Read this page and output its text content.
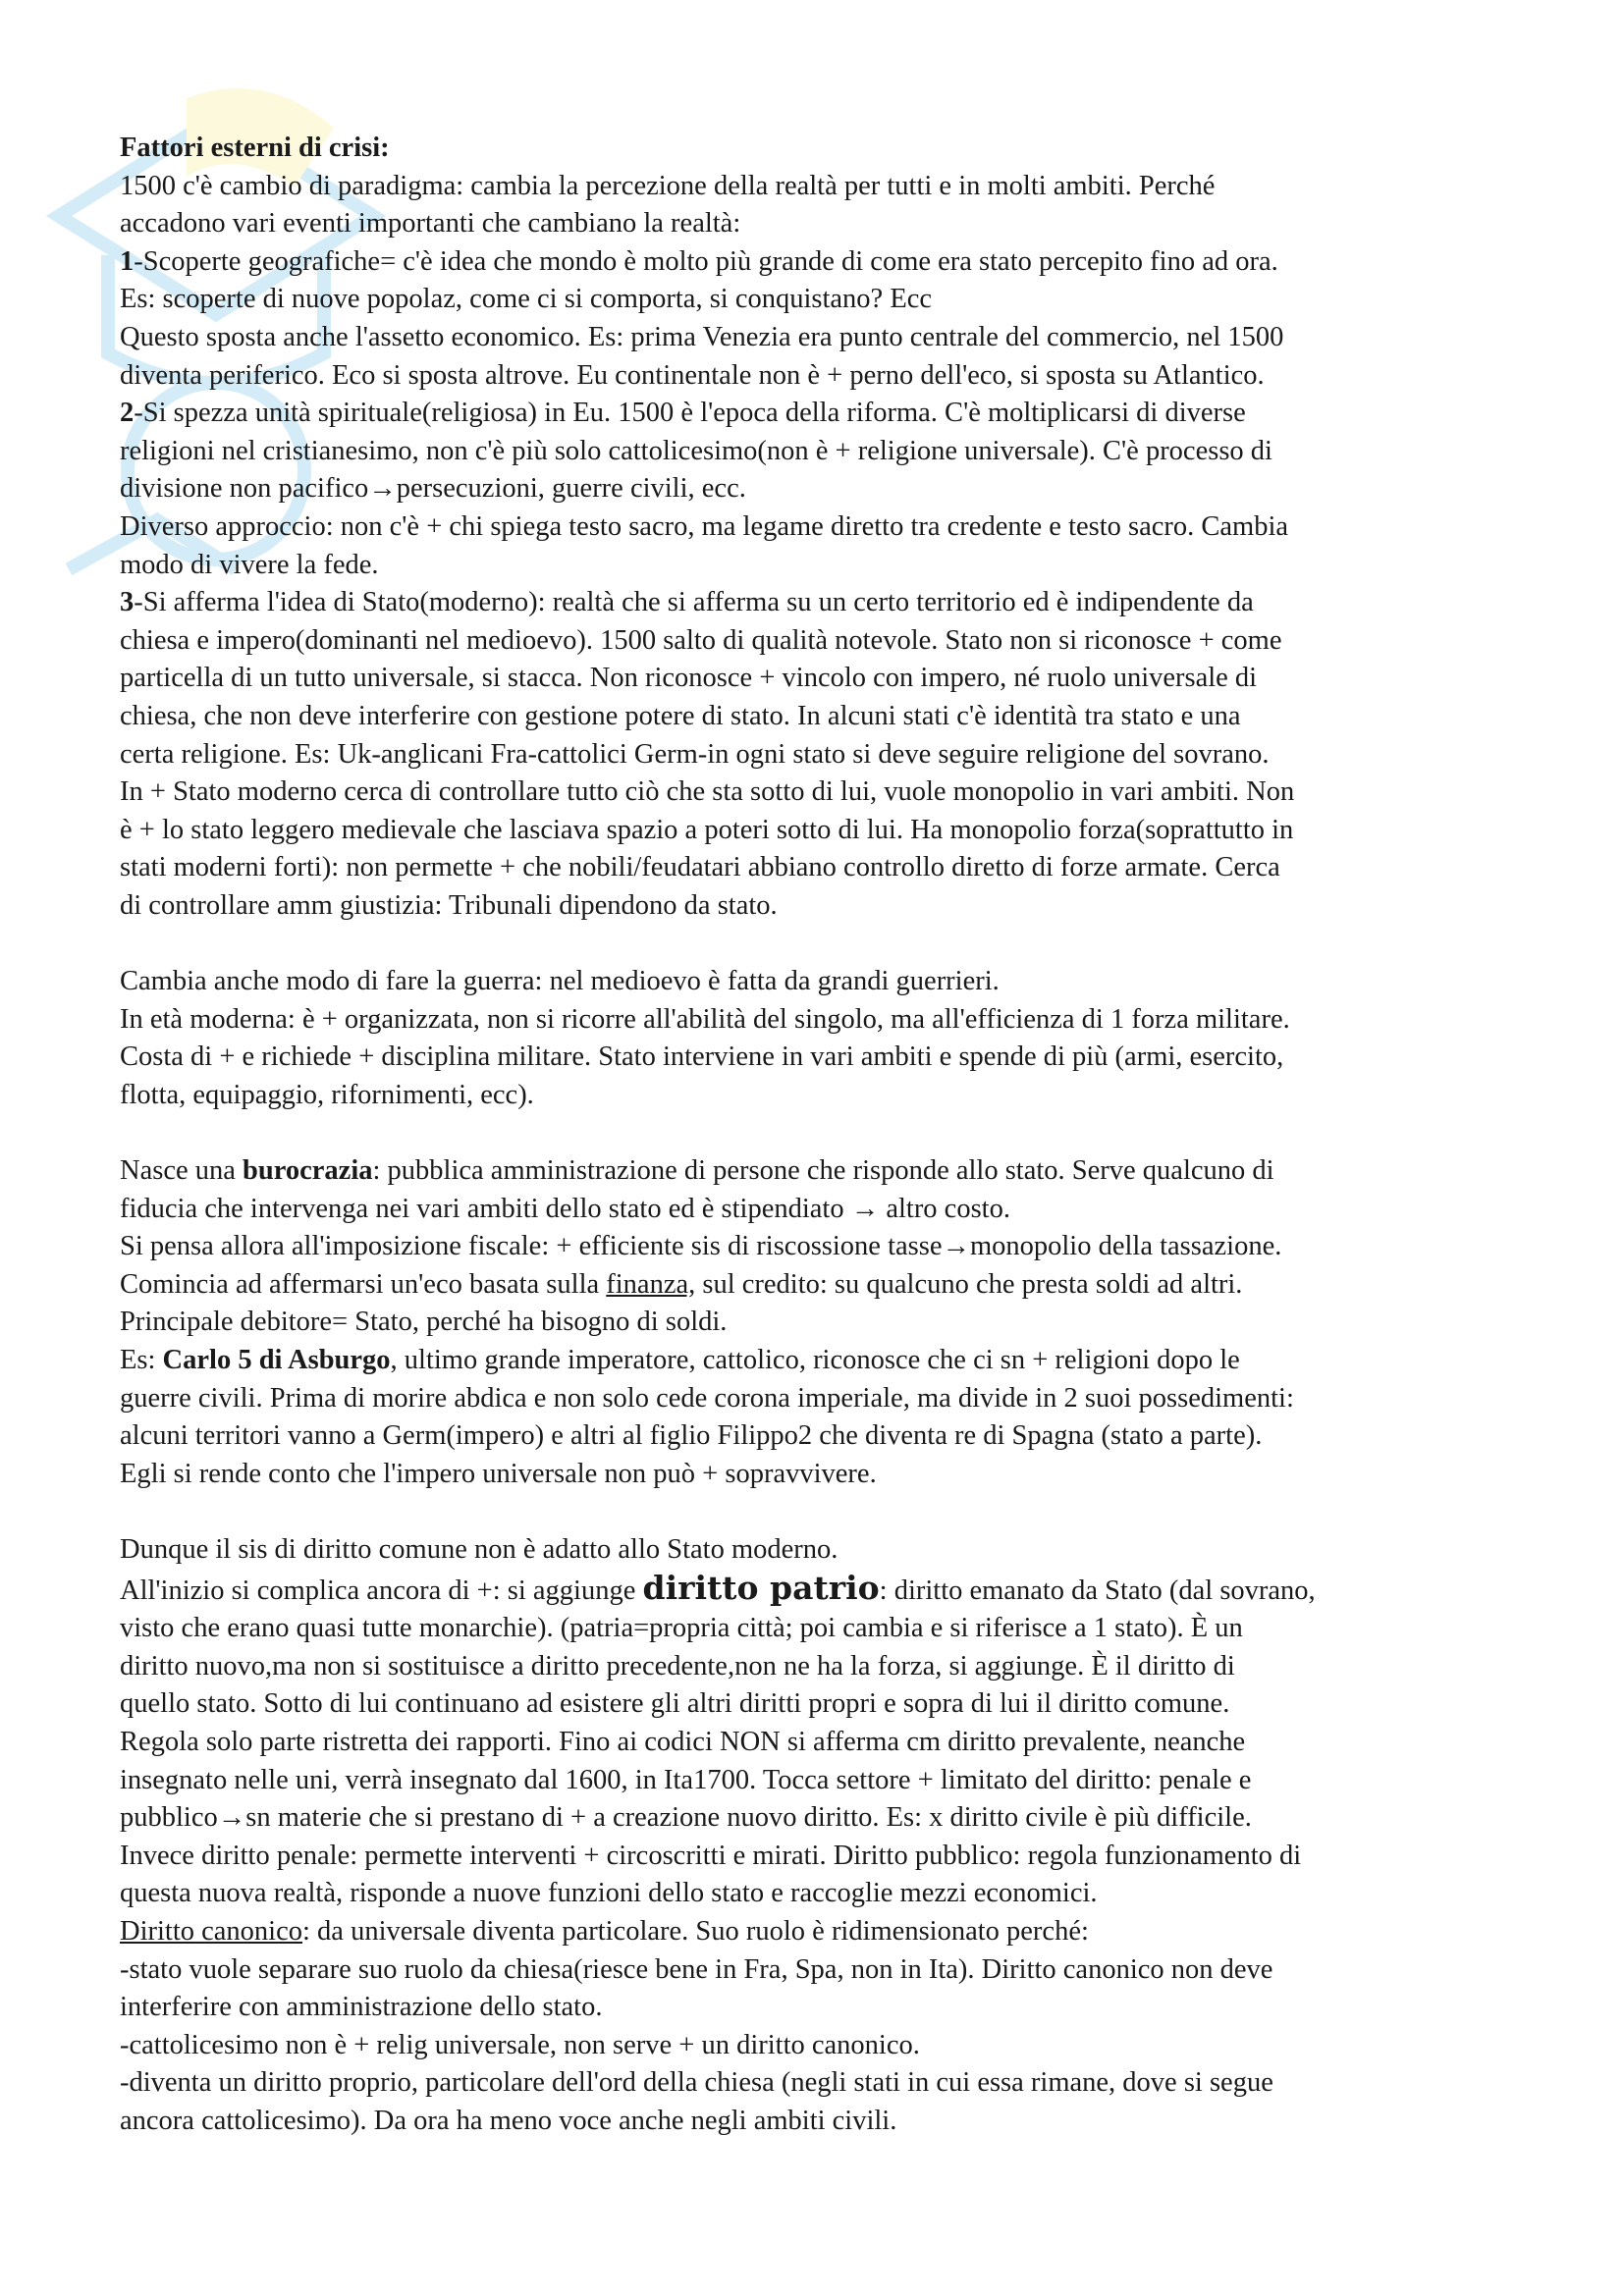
Fattori esterni di crisi:
1500 c'è cambio di paradigma: cambia la percezione della realtà per tutti e in molti ambiti. Perché
accadono vari eventi importanti che cambiano la realtà:
1-Scoperte geografiche= c'è idea che mondo è molto più grande di come era stato percepito fino ad ora.
Es: scoperte di nuove popolaz, come ci si comporta, si conquistano? Ecc
Questo sposta anche l'assetto economico. Es: prima Venezia era punto centrale del commercio, nel 1500
diventa periferico. Eco si sposta altrove. Eu continentale non è + perno dell'eco, si sposta su Atlantico.
2-Si spezza unità spirituale(religiosa) in Eu. 1500 è l'epoca della riforma. C'è moltiplicarsi di diverse
religioni nel cristianesimo, non c'è più solo cattolicesimo(non è + religione universale). C'è processo di
divisione non pacifico→persecuzioni, guerre civili, ecc.
Diverso approccio: non c'è + chi spiega testo sacro, ma legame diretto tra credente e testo sacro. Cambia
modo di vivere la fede.
3-Si afferma l'idea di Stato(moderno): realtà che si afferma su un certo territorio ed è indipendente da
chiesa e impero(dominanti nel medioevo). 1500 salto di qualità notevole. Stato non si riconosce + come
particella di un tutto universale, si stacca. Non riconosce + vincolo con impero, né ruolo universale di
chiesa, che non deve interferire con gestione potere di stato. In alcuni stati c'è identità tra stato e una
certa religione. Es: Uk-anglicani Fra-cattolici Germ-in ogni stato si deve seguire religione del sovrano.
In + Stato moderno cerca di controllare tutto ciò che sta sotto di lui, vuole monopolio in vari ambiti. Non
è + lo stato leggero medievale che lasciava spazio a poteri sotto di lui. Ha monopolio forza(soprattutto in
stati moderni forti): non permette + che nobili/feudatari abbiano controllo diretto di forze armate. Cerca
di controllare amm giustizia: Tribunali dipendono da stato.
Cambia anche modo di fare la guerra: nel medioevo è fatta da grandi guerrieri.
In età moderna: è + organizzata, non si ricorre all'abilità del singolo, ma all'efficienza di 1 forza militare.
Costa di + e richiede + disciplina militare. Stato interviene in vari ambiti e spende di più (armi, esercito,
flotta, equipaggio, rifornimenti, ecc).
Nasce una burocrazia: pubblica amministrazione di persone che risponde allo stato. Serve qualcuno di
fiducia che intervenga nei vari ambiti dello stato ed è stipendiato → altro costo.
Si pensa allora all'imposizione fiscale: + efficiente sis di riscossione tasse→monopolio della tassazione.
Comincia ad affermarsi un'eco basata sulla finanza, sul credito: su qualcuno che presta soldi ad altri.
Principale debitore= Stato, perché ha bisogno di soldi.
Es: Carlo 5 di Asburgo, ultimo grande imperatore, cattolico, riconosce che ci sn + religioni dopo le
guerre civili. Prima di morire abdica e non solo cede corona imperiale, ma divide in 2 suoi possedimenti:
alcuni territori vanno a Germ(impero) e altri al figlio Filippo2 che diventa re di Spagna (stato a parte).
Egli si rende conto che l'impero universale non può + sopravvivere.
Dunque il sis di diritto comune non è adatto allo Stato moderno.
All'inizio si complica ancora di +: si aggiunge diritto patrio: diritto emanato da Stato (dal sovrano,
visto che erano quasi tutte monarchie). (patria=propria città; poi cambia e si riferisce a 1 stato). È un
diritto nuovo,ma non si sostituisce a diritto precedente,non ne ha la forza, si aggiunge. È il diritto di
quello stato. Sotto di lui continuano ad esistere gli altri diritti propri e sopra di lui il diritto comune.
Regola solo parte ristretta dei rapporti. Fino ai codici NON si afferma cm diritto prevalente, neanche
insegnato nelle uni, verrà insegnato dal 1600, in Ita1700. Tocca settore + limitato del diritto: penale e
pubblico→sn materie che si prestano di + a creazione nuovo diritto. Es: x diritto civile è più difficile.
Invece diritto penale: permette interventi + circoscritti e mirati. Diritto pubblico: regola funzionamento di
questa nuova realtà, risponde a nuove funzioni dello stato e raccoglie mezzi economici.
Diritto canonico: da universale diventa particolare. Suo ruolo è ridimensionato perché:
-stato vuole separare suo ruolo da chiesa(riesce bene in Fra, Spa, non in Ita). Diritto canonico non deve
interferire con amministrazione dello stato.
-cattolicesimo non è + relig universale, non serve + un diritto canonico.
-diventa un diritto proprio, particolare dell'ord della chiesa (negli stati in cui essa rimane, dove si segue
ancora cattolicesimo). Da ora ha meno voce anche negli ambiti civili.
